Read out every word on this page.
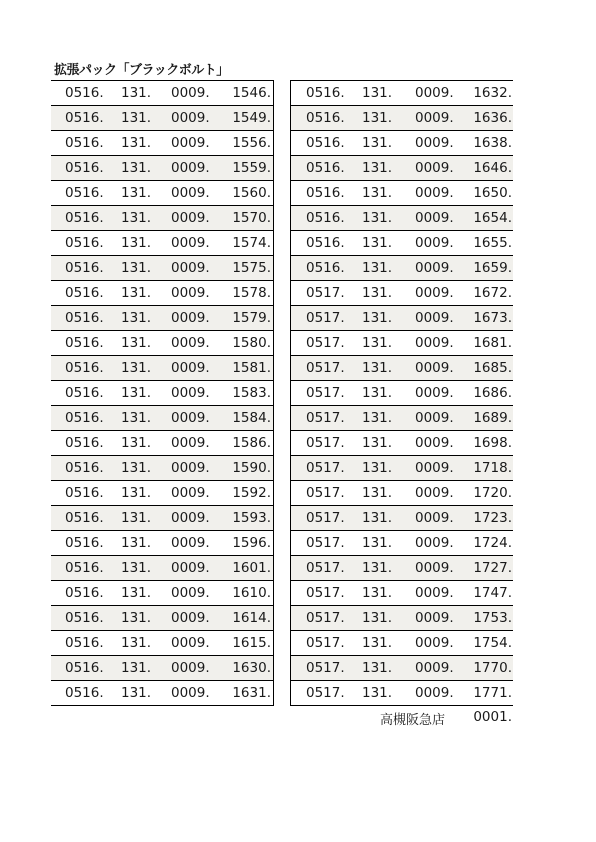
拡張パック「ブラックボルト」
0516. 131. 0009. 1546.
0516. 131. 0009. 1549.
0516. 131. 0009. 1556.
0516. 131. 0009. 1559.
0516. 131. 0009. 1560.
0516. 131. 0009. 1570.
0516. 131. 0009. 1574.
0516. 131. 0009. 1575.
0516. 131. 0009. 1578.
0516. 131. 0009. 1579.
0516. 131. 0009. 1580.
0516. 131. 0009. 1581.
0516. 131. 0009. 1583.
0516. 131. 0009. 1584.
0516. 131. 0009. 1586.
0516. 131. 0009. 1590.
0516. 131. 0009. 1592.
0516. 131. 0009. 1593.
0516. 131. 0009. 1596.
0516. 131. 0009. 1601.
0516. 131. 0009. 1610.
0516. 131. 0009. 1614.
0516. 131. 0009. 1615.
0516. 131. 0009. 1630.
0516. 131. 0009. 1631.
0516. 131. 0009. 1632.
0516. 131. 0009. 1636.
0516. 131. 0009. 1638.
0516. 131. 0009. 1646.
0516. 131. 0009. 1650.
0516. 131. 0009. 1654.
0516. 131. 0009. 1655.
0516. 131. 0009. 1659.
0517. 131. 0009. 1672.
0517. 131. 0009. 1673.
0517. 131. 0009. 1681.
0517. 131. 0009. 1685.
0517. 131. 0009. 1686.
0517. 131. 0009. 1689.
0517. 131. 0009. 1698.
0517. 131. 0009. 1718.
0517. 131. 0009. 1720.
0517. 131. 0009. 1723.
0517. 131. 0009. 1724.
0517. 131. 0009. 1727.
0517. 131. 0009. 1747.
0517. 131. 0009. 1753.
0517. 131. 0009. 1754.
0517. 131. 0009. 1770.
0517. 131. 0009. 1771.
高槻阪急店 0001.
